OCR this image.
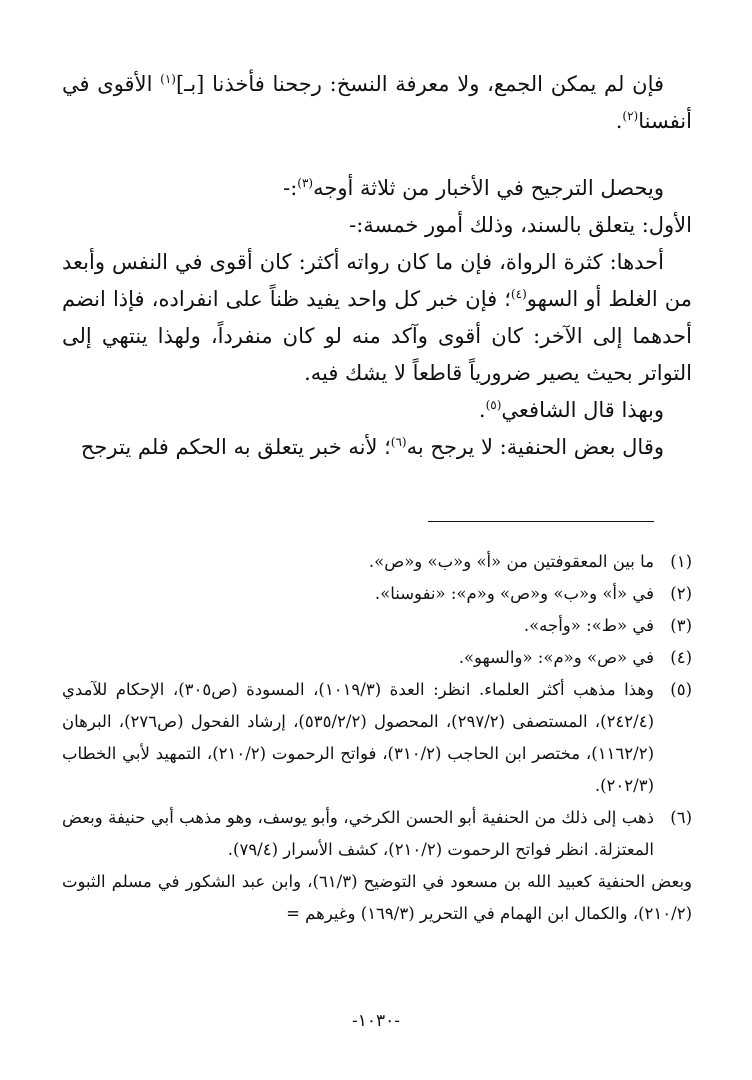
فإن لم يمكن الجمع، ولا معرفة النسخ: رجحنا فأخذنا [بـ]$^{(١)}$ الأقوى في أنفسنا$^{(٢)}$.

ويحصل الترجيح في الأخبار من ثلاثة أوجه$^{(٣)}$:-

الأول: يتعلق بالسند، وذلك أمور خمسة:-

أحدها: كثرة الرواة، فإن ما كان رواته أكثر: كان أقوى في النفس وأبعد من الغلط أو السهو$^{(٤)}$؛ فإن خبر كل واحد يفيد ظناً على انفراده، فإذا انضم أحدهما إلى الآخر: كان أقوى وآكد منه لو كان منفرداً، ولهذا ينتهي إلى التواتر بحيث يصير ضرورياً قاطعاً لا يشك فيه.

وبهذا قال الشافعي$^{(٥)}$.

وقال بعض الحنفية: لا يرجح به$^{(٦)}$؛ لأنه خبر يتعلق به الحكم فلم يترجح

(١)ما بين المعقوفتين من «أ» و«ب» و«ص».

(٢)في «أ» و«ب» و«ص» و«م»: «نفوسنا».

(٣)في «ط»: «وأجه».

(٤)في «ص» و«م»: «والسهو».

(٥)وهذا مذهب أكثر العلماء. انظر: العدة (١٠١٩/٣)، المسودة (ص٣٠٥)، الإحكام للآمدي (٢٤٢/٤)، المستصفى (٢٩٧/٢)، المحصول (٥٣٥/٢/٢)، إرشاد الفحول (ص٢٧٦)، البرهان (١١٦٢/٢)، مختصر ابن الحاجب (٣١٠/٢)، فواتح الرحموت (٢١٠/٢)، التمهيد لأبي الخطاب (٢٠٢/٣).

(٦)ذهب إلى ذلك من الحنفية أبو الحسن الكرخي، وأبو يوسف، وهو مذهب أبي حنيفة وبعض المعتزلة. انظر فواتح الرحموت (٢١٠/٢)، كشف الأسرار (٧٩/٤).

وبعض الحنفية كعبيد الله بن مسعود في التوضيح (٦١/٣)، وابن عبد الشكور في مسلم الثبوت (٢١٠/٢)، والكمال ابن الهمام في التحرير (١٦٩/٣) وغيرهم =

-١٠٣٠-
